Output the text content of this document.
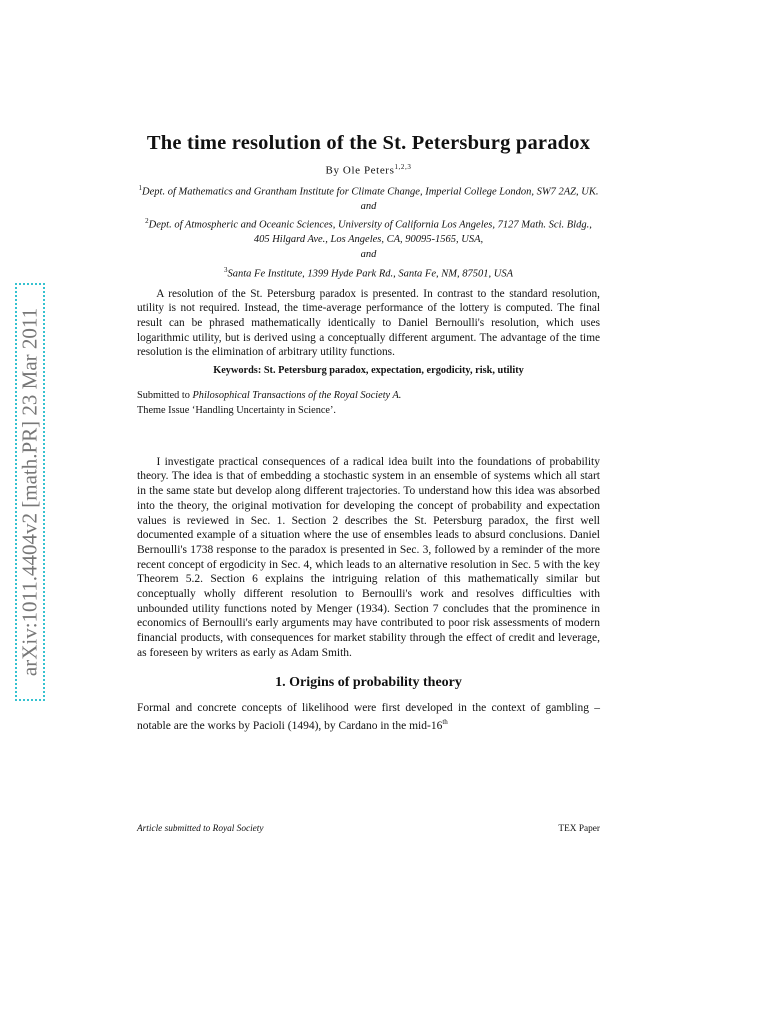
arXiv:1011.4404v2 [math.PR] 23 Mar 2011
The time resolution of the St. Petersburg paradox
By Ole Peters$^{1,2,3}$
$^1$Dept. of Mathematics and Grantham Institute for Climate Change, Imperial College London, SW7 2AZ, UK.
and
$^2$Dept. of Atmospheric and Oceanic Sciences, University of California Los Angeles, 7127 Math. Sci. Bldg., 405 Hilgard Ave., Los Angeles, CA, 90095-1565, USA,
and
$^3$Santa Fe Institute, 1399 Hyde Park Rd., Santa Fe, NM, 87501, USA

A resolution of the St. Petersburg paradox is presented. In contrast to the standard resolution, utility is not required. Instead, the time-average performance of the lottery is computed. The final result can be phrased mathematically identically to Daniel Bernoulli's resolution, which uses logarithmic utility, but is derived using a conceptually different argument. The advantage of the time resolution is the elimination of arbitrary utility functions.

Keywords: St. Petersburg paradox, expectation, ergodicity, risk, utility
Submitted to Philosophical Transactions of the Royal Society A.
Theme Issue ‘Handling Uncertainty in Science’.

I investigate practical consequences of a radical idea built into the foundations of probability theory. The idea is that of embedding a stochastic system in an ensemble of systems which all start in the same state but develop along different trajectories. To understand how this idea was absorbed into the theory, the original motivation for developing the concept of probability and expectation values is reviewed in Sec. 1. Section 2 describes the St. Petersburg paradox, the first well documented example of a situation where the use of ensembles leads to absurd conclusions. Daniel Bernoulli's 1738 response to the paradox is presented in Sec. 3, followed by a reminder of the more recent concept of ergodicity in Sec. 4, which leads to an alternative resolution in Sec. 5 with the key Theorem 5.2. Section 6 explains the intriguing relation of this mathematically similar but conceptually wholly different resolution to Bernoulli's work and resolves difficulties with unbounded utility functions noted by Menger (1934). Section 7 concludes that the prominence in economics of Bernoulli's early arguments may have contributed to poor risk assessments of modern financial products, with consequences for market stability through the effect of credit and leverage, as foreseen by writers as early as Adam Smith.

1. Origins of probability theory

Formal and concrete concepts of likelihood were first developed in the context of gambling – notable are the works by Pacioli (1494), by Cardano in the mid-16th

Article submitted to Royal Society	TEX Paper
